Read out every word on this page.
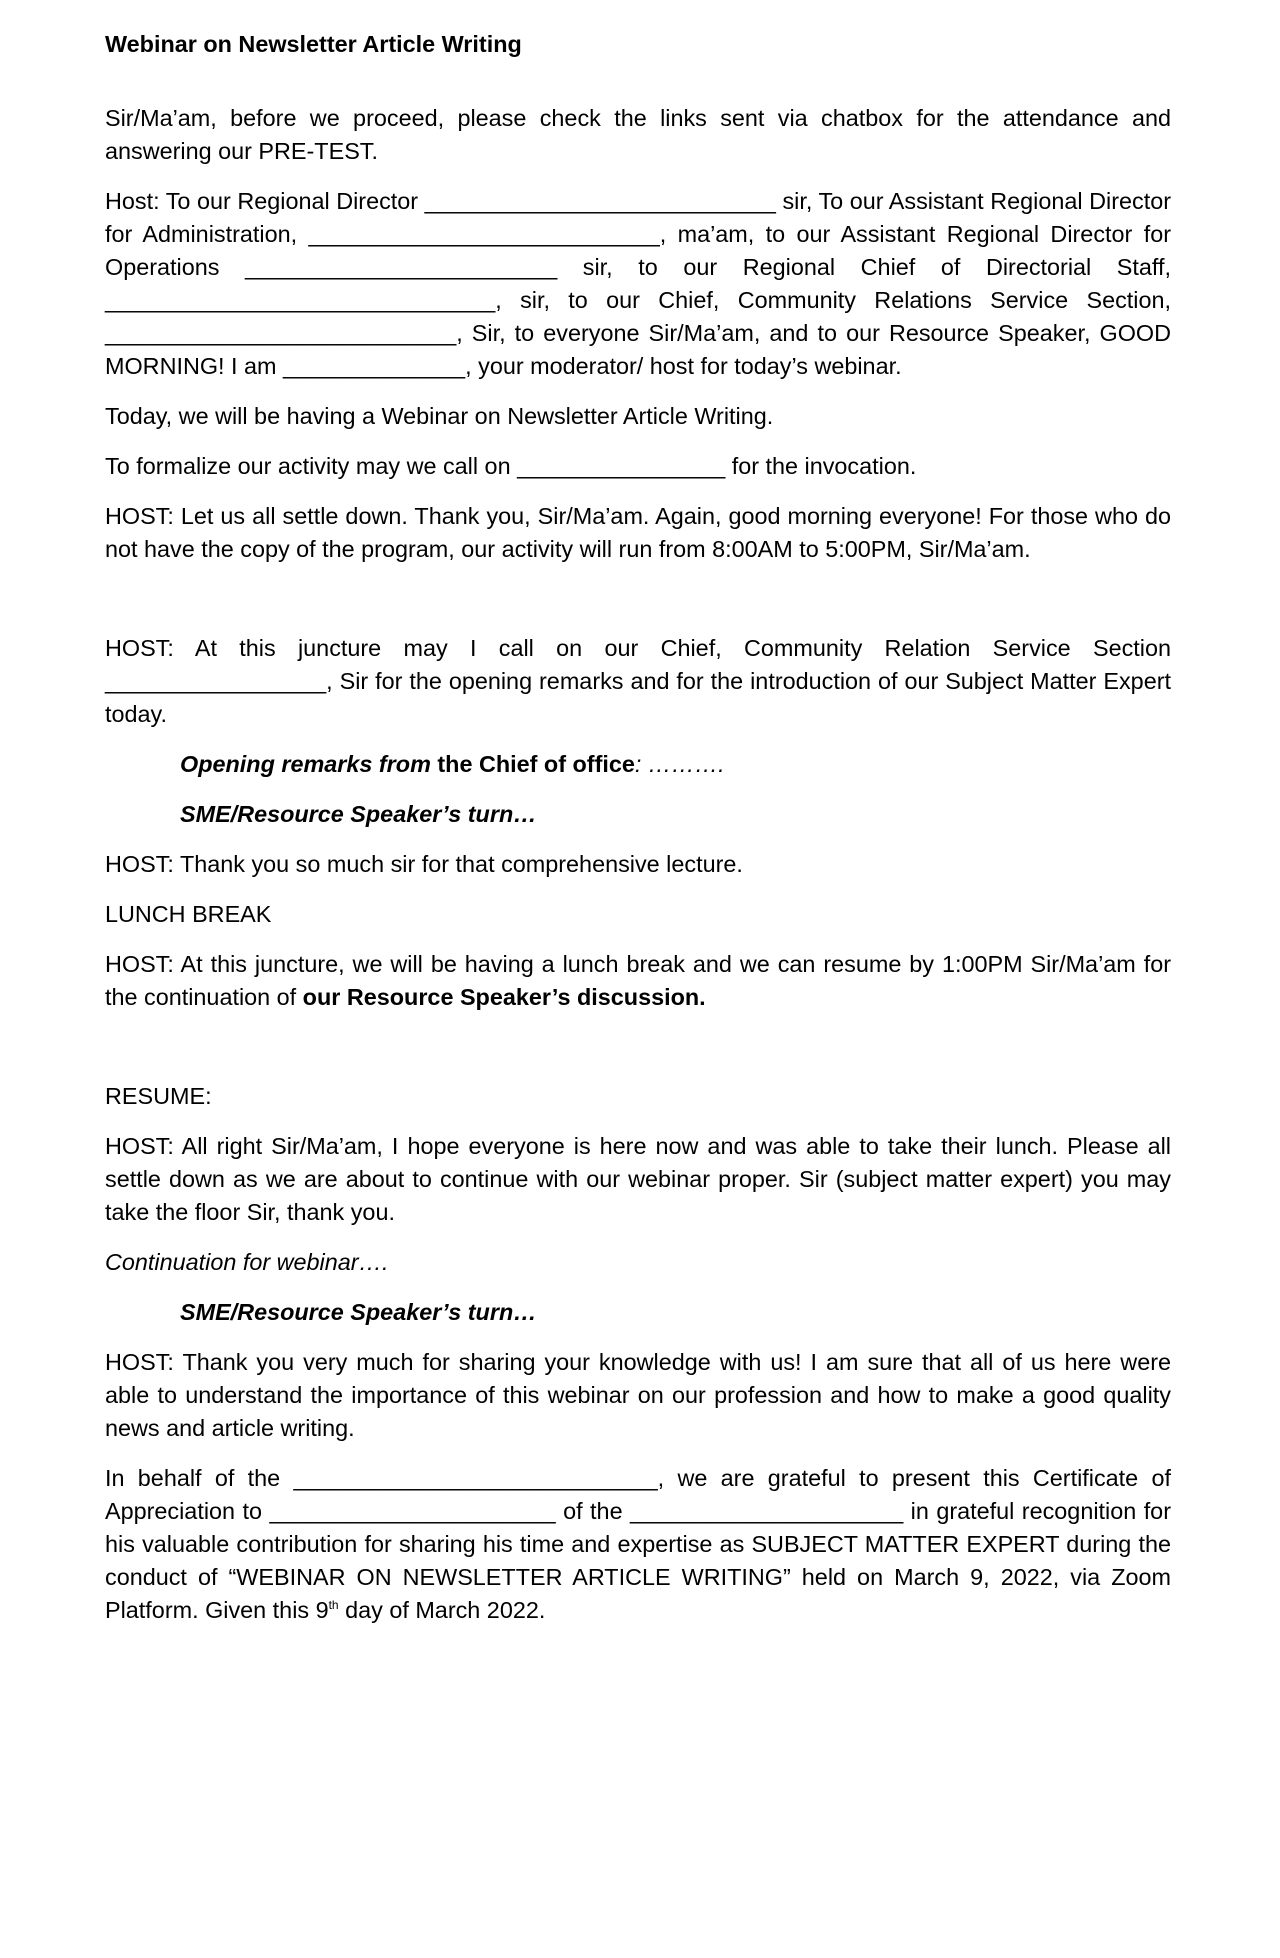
Webinar on Newsletter Article Writing

Sir/Ma’am, before we proceed, please check the links sent via chatbox for the attendance and answering our PRE-TEST.

Host: To our Regional Director ___________________________ sir, To our Assistant Regional Director for Administration, ___________________________, ma’am, to our Assistant Regional Director for Operations ________________________ sir, to our Regional Chief of Directorial Staff, ______________________________, sir, to our Chief, Community Relations Service Section, ___________________________, Sir, to everyone Sir/Ma’am, and to our Resource Speaker, GOOD MORNING! I am ______________, your moderator/ host for today’s webinar.

Today, we will be having a Webinar on Newsletter Article Writing.

To formalize our activity may we call on ________________ for the invocation.

HOST: Let us all settle down. Thank you, Sir/Ma’am. Again, good morning everyone! For those who do not have the copy of the program, our activity will run from 8:00AM to 5:00PM, Sir/Ma’am.

HOST: At this juncture may I call on our Chief, Community Relation Service Section _________________, Sir for the opening remarks and for the introduction of our Subject Matter Expert today.

Opening remarks from the Chief of office: ……….

SME/Resource Speaker’s turn…

HOST: Thank you so much sir for that comprehensive lecture.

LUNCH BREAK

HOST: At this juncture, we will be having a lunch break and we can resume by 1:00PM Sir/Ma’am for the continuation of our Resource Speaker’s discussion.

RESUME:

HOST: All right Sir/Ma’am, I hope everyone is here now and was able to take their lunch. Please all settle down as we are about to continue with our webinar proper. Sir (subject matter expert) you may take the floor Sir, thank you.

Continuation for webinar….

SME/Resource Speaker’s turn…

HOST: Thank you very much for sharing your knowledge with us! I am sure that all of us here were able to understand the importance of this webinar on our profession and how to make a good quality news and article writing.

In behalf of the ____________________________, we are grateful to present this Certificate of Appreciation to ______________________ of the _____________________ in grateful recognition for his valuable contribution for sharing his time and expertise as SUBJECT MATTER EXPERT during the conduct of “WEBINAR ON NEWSLETTER ARTICLE WRITING” held on March 9, 2022, via Zoom Platform. Given this 9th day of March 2022.
